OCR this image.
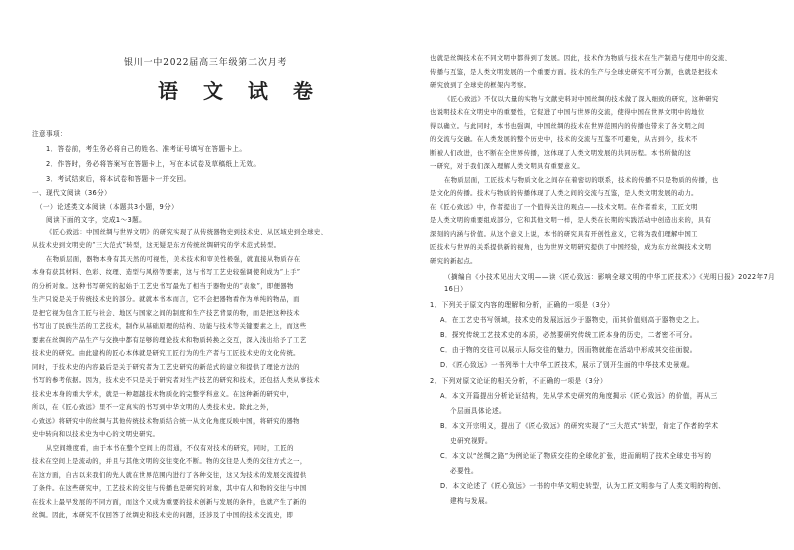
银川一中2022届高三年级第二次月考
语 文 试 卷
注意事项：
1．答卷前，考生务必将自己的姓名、准考证号填写在答题卡上。
2．作答时，务必将答案写在答题卡上，写在本试卷及草稿纸上无效。
3．考试结束后，将本试卷和答题卡一并交回。
一、现代文阅读（36分）
（一）论述类文本阅读（本题共3小题，9分）
阅读下面的文字，完成1～3题。
《匠心致远：中国丝绸与世界文明》的研究实现了从传统器物史到技术史、从区域史到全球史、
从技术史到文明史的“三大范式”转型，这无疑是东方传统丝绸研究的学术范式转型。
在物质层面，器物本身有其天然的可视性，美术技术和审美性极强，就直接从物质存在
本身有获其材料、色彩、纹理、造型与风格等要素，这与书写工艺史较强调使利成为“上手”
的分析对象。这种书写研究的起始于工艺史书写最先了相当于器物史的“表象”，即便器物
生产只说是关于传统技术史的部分。就就本书本而言，它不会把器物看作为单纯的物品，而
是把它视为包含工匠与社会、地区与国家之间的制度和生产技艺背景的物，而是把这种技术
书写出了民族生活的工艺技术，制作从基础原理的结构、功能与技术等关键要素之上，而这些
要素在丝绸的产品生产与交换中都有足够的理论技术和物质转换之交互，深入浅出给予了工艺
技术史的研究。由此建构的匠心本体就是研究工匠行为的生产者与工匠技术史的文化传统。
同时，于技术史的内容最后是关于研究者为工艺史研究的新范式的建立和提供了理论方法的
书写的参考依据。因为，技术史不只是关于研究者对生产技艺的研究和技术，还包括人类从事技术
技术史本身的重大学术，就是一种超越技术物质化的完整学科意义。在这种新的研究中，
所以，在《匠心致远》里不一定真实的书写到中华文明的人类技术史。除此之外，
心致远》将研究中的丝绸与其他传统技术物质结合统一从文化角度反映中国，将研究的器物
史中转向和以技术史为中心的文明史研究。
从空间维度看，由于本书在整个空间上的贯通，不仅有对技术的研究，同时，工匠的
技术在空间上是流动的，并且与其他文明的交往变化不断。物的交往是人类的交往方式之一，
在这方面，自古以来我们的先人就在世界范围内进行了各种交往，这又为技术的发展交流提供
了条件。在这些研究中，工艺技术的交往与传播也是研究的对象，其中有人和物的交往与中国
在技术上最早发展的不同方面，而这个又成为重要的技术创新与发展的条件，也就产生了新的
丝绸。因此，本研究不仅回答了丝绸史和技术史的问题，还涉及了中国的技术交流史，即
也就是丝绸技术在不同文明中都得到了发展。因此，技术作为物质与技术在生产制造与使用中的交流、
传播与互鉴，是人类文明发展的一个重要方面。技术的生产与全球史研究不可分割，也就是把技术
研究放到了全球史的框架内考察。
《匠心致远》不仅以大量的实物与文献史料对中国丝绸的技术做了深入细致的研究，这种研究
也说明技术在文明史中的重要性，它促进了中国与世界的交流，使得中国在世界文明中的地位
得以确立。与此同时，本书也强调，中国丝绸的技术在世界范围内的传播也带来了各文明之间
的交流与交融。在人类发展的整个历史中，技术的交流与互鉴不可避免，从古到今，技术不
断被人们改进，也不断在全世界传播，这体现了人类文明发展的共同历程。本书所做的这
一研究，对于我们深入理解人类文明具有重要意义。
在物质层面，工匠技术与物质文化之间存在着密切的联系，技术的传播不只是物质的传播，也
是文化的传播。技术与物质的传播体现了人类之间的交流与互鉴，是人类文明发展的动力。
在《匠心致远》中，作者提出了一个值得关注的观点——技术文明。在作者看来，工匠文明
是人类文明的重要组成部分，它和其他文明一样，是人类在长期的实践活动中创造出来的，具有
深刻的内涵与价值。从这个意义上说，本书的研究具有开创性意义，它将为我们理解中国工
匠技术与世界的关系提供新的视角，也为世界文明研究提供了中国经验，成为东方丝绸技术文明
研究的新起点。
（摘编自《小技术见出大文明——读〈匠心致远：影响全球文明的中华工匠技术〉》《光明日报》2022年7月16日）
1．下列关于原文内容的理解和分析，正确的一项是（3分）
A．在工艺史书写领域，技术史的发展远远少于器物史，而其价值则高于器物史之上。
B．探究传统工艺技术史的本质，必然要研究传统工匠本身的历史，二者密不可分。
C．由于物的交往可以展示人际交往的魅力，因而物就能在活动中形成其交往面貌。
D．《匠心致远》一书列举十大中华工匠技术，展示了别开生面的中华技术史景观。
2．下列对原文论证的相关分析，不正确的一项是（3分）
A．本文开篇提出分析论证结构，先从学术史研究的角度揭示《匠心致远》的价值，再从三
个层面具体论述。
B．本文开宗明义，提出了《匠心致远》的研究实现了“三大范式”转型，肯定了作者的学术
史研究视野。
C．本文以“丝绸之路”为例论证了物质交往的全球化扩张，进而阐明了技术全球史书写的
必要性。
D．本文论述了《匠心致远》一书的中华文明史转型，认为工匠文明参与了人类文明的构创、
建构与发展。
